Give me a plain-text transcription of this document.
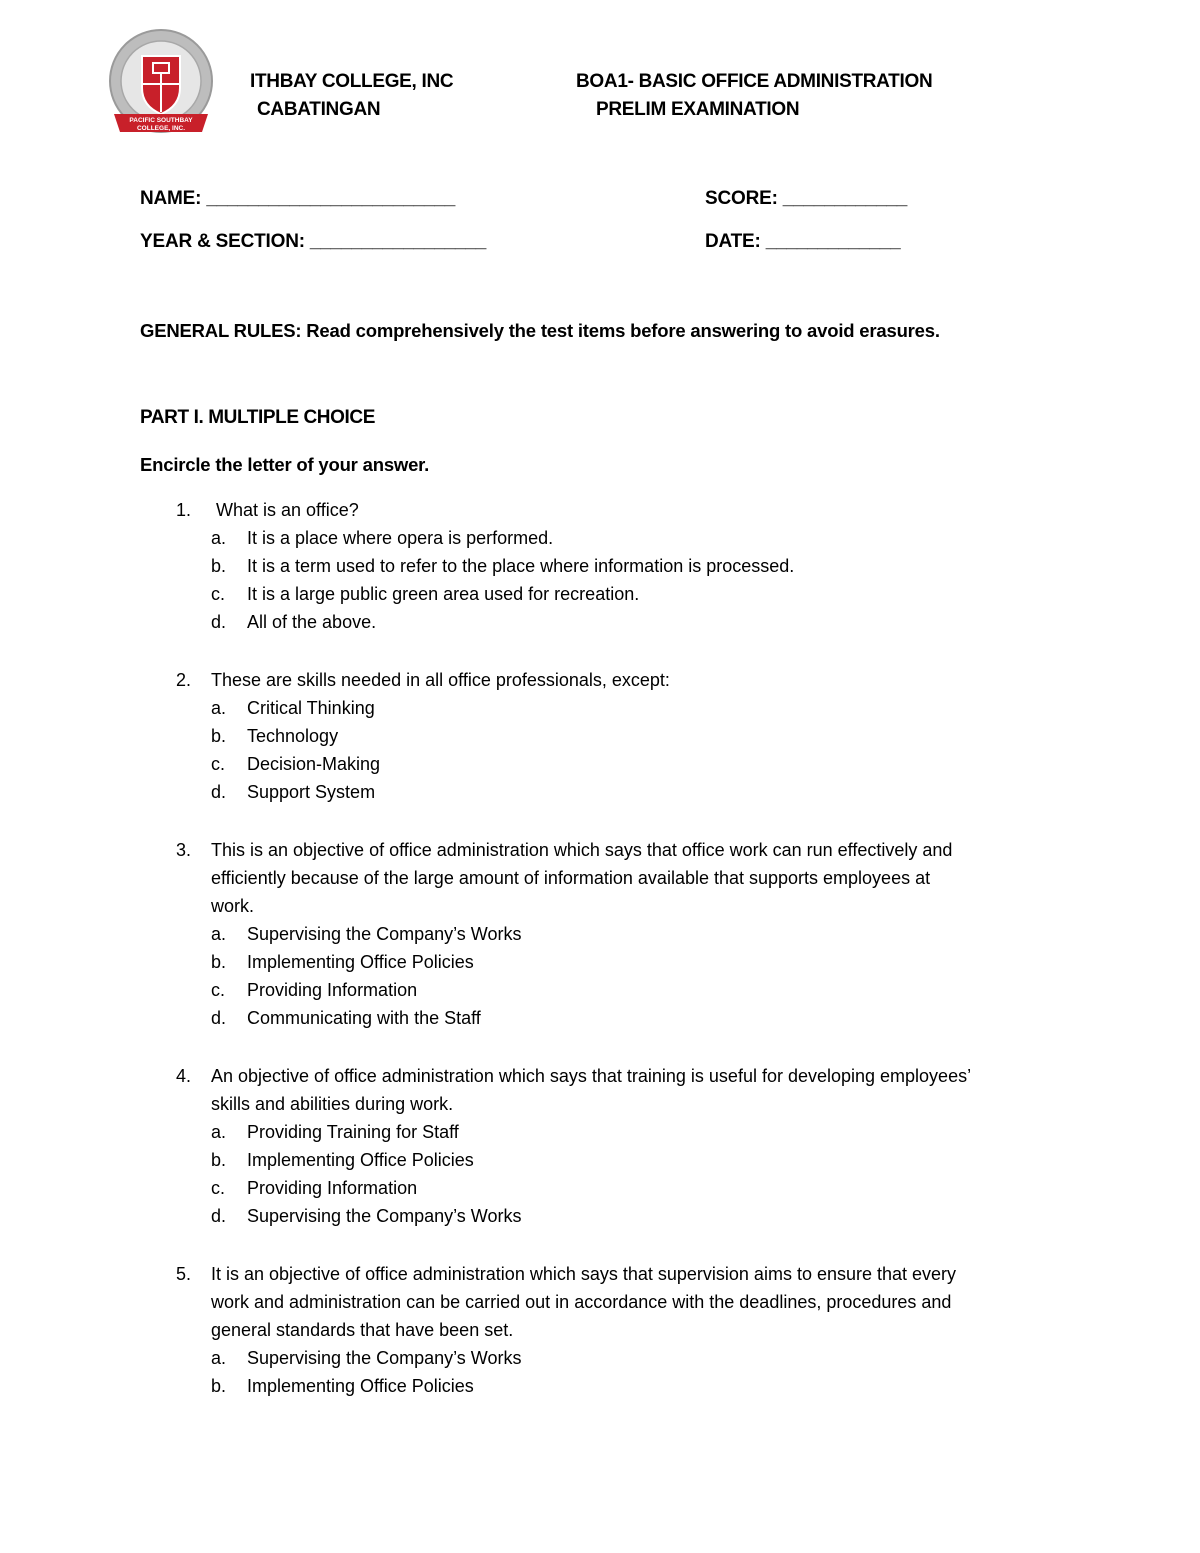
PACIFIC SOUTHBAY
COLLEGE, INC.
ITHBAY COLLEGE, INC
CABATINGAN
BOA1- BASIC OFFICE ADMINISTRATION
PRELIM EXAMINATION
NAME: ________________________	SCORE: ____________
YEAR & SECTION: _________________	DATE: _____________
GENERAL RULES: Read comprehensively the test items before answering to avoid erasures.
PART I. MULTIPLE CHOICE
Encircle the letter of your answer.
1.	What is an office?
a. It is a place where opera is performed.
b. It is a term used to refer to the place where information is processed.
c. It is a large public green area used for recreation.
d. All of the above.
2.	These are skills needed in all office professionals, except:
a. Critical Thinking
b. Technology
c. Decision-Making
d. Support System
3.	This is an objective of office administration which says that office work can run effectively and
efficiently because of the large amount of information available that supports employees at
work.
a. Supervising the Company’s Works
b. Implementing Office Policies
c. Providing Information
d. Communicating with the Staff
4.	An objective of office administration which says that training is useful for developing employees’
skills and abilities during work.
a. Providing Training for Staff
b. Implementing Office Policies
c. Providing Information
d. Supervising the Company’s Works
5.	It is an objective of office administration which says that supervision aims to ensure that every
work and administration can be carried out in accordance with the deadlines, procedures and
general standards that have been set.
a. Supervising the Company’s Works
b. Implementing Office Policies
